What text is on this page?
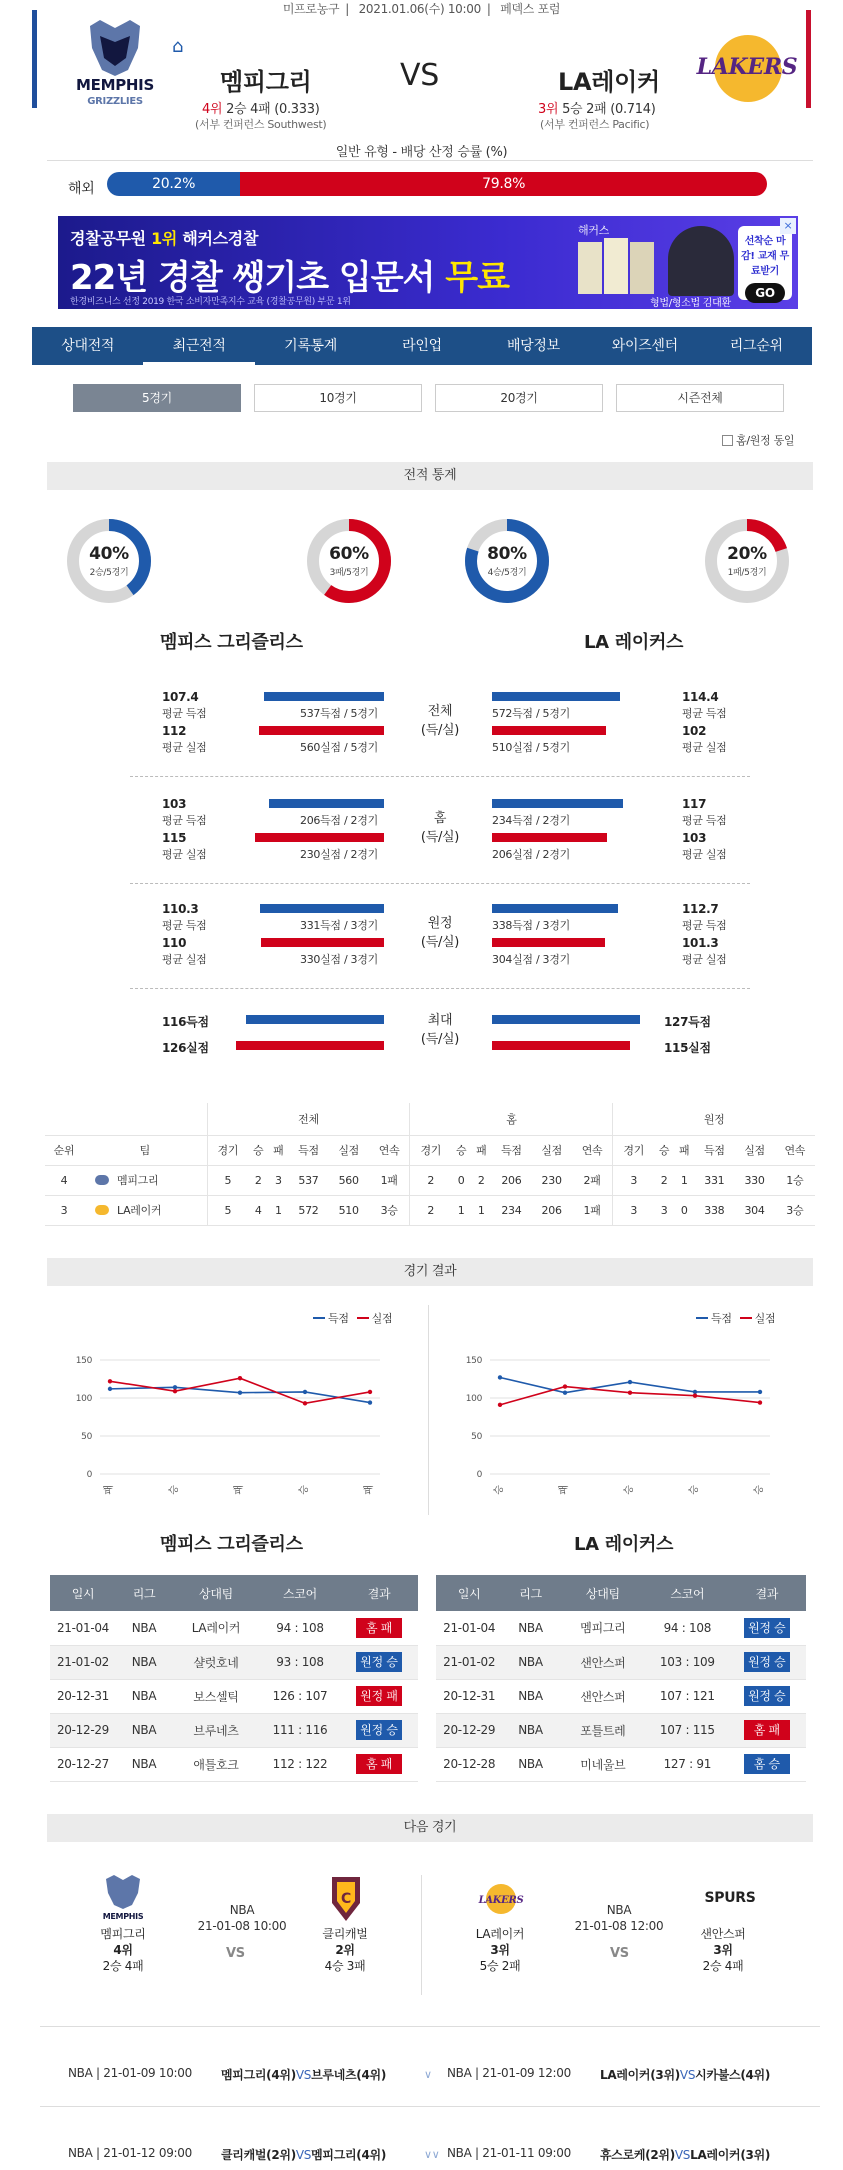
미프로농구 | 2021.01.06(수) 10:00 | 페덱스 포럼
MEMPHIS
GRIZZLIES
⌂
멤피그리	VS	LA레이커
4위 2승 4패 (0.333)
(서부 컨퍼런스 Southwest)
3위 5승 2패 (0.714)
(서부 컨퍼런스 Pacific)
LAKERS
일반 유형 - 배당 산정 승률 (%)
해외	20.2%	79.8%
경찰공무원 1위 해커스경찰
22년 경찰 쌩기초 입문서 무료
한경비즈니스 선정 2019 한국 소비자만족지수 교육 (경찰공무원) 부문 1위
해커스
형법/형소법 김대환
선착순 마감! 교재 무료받기
GO
×
상대전적	최근전적	기록통계	라인업	배당정보	와이즈센터	리그순위
5경기	10경기	20경기	시즌전체
홈/원정 동일
전적 통계
40%
2승/5경기
60%
3패/5경기
80%
4승/5경기
20%
1패/5경기
멤피스 그리즐리스	LA 레이커스
107.4
평균 득점	537득점 / 5경기
112
평균 실점	560실점 / 5경기
114.4
평균 득점
572득점 / 5경기
102
평균 실점
510실점 / 5경기
전체
(득/실)
103
평균 득점	206득점 / 2경기
115
평균 실점	230실점 / 2경기
117
평균 득점
234득점 / 2경기
103
평균 실점
206실점 / 2경기
홈
(득/실)
110.3
평균 득점	331득점 / 3경기
110
평균 실점	330실점 / 3경기
112.7
평균 득점
338득점 / 3경기
101.3
평균 실점
304실점 / 3경기
원정
(득/실)
116득점
126실점
최대
(득/실)
127득점
115실점
		전체						홈						원정					
순위	팀	경기	승	패	득점	실점	연속	경기	승	패	득점	실점	연속	경기	승	패	득점	실점	연속
4	멤피그리	5	2	3	537	560	1패	2	0	2	206	230	2패	3	2	1	331	330	1승
3	LA레이커	5	4	1	572	510	3승	2	1	1	234	206	1패	3	3	0	338	304	3승
경기 결과
득점 실점	득점 실점
150
100
50
0
패	승	패	승	패
150
100
50
0
승	패	승	승	승
멤피스 그리즐리스	LA 레이커스
일시	리그	상대팀	스코어	결과
21-01-04	NBA	LA레이커	94 : 108	홈 패
21-01-02	NBA	샬럿호네	93 : 108	원정 승
20-12-31	NBA	보스셀틱	126 : 107	원정 패
20-12-29	NBA	브루네츠	111 : 116	원정 승
20-12-27	NBA	애틀호크	112 : 122	홈 패
일시	리그	상대팀	스코어	결과
21-01-04	NBA	멤피그리	94 : 108	원정 승
21-01-02	NBA	샌안스퍼	103 : 109	원정 승
20-12-31	NBA	샌안스퍼	107 : 121	원정 승
20-12-29	NBA	포틀트레	107 : 115	홈 패
20-12-28	NBA	미네울브	127 : 91	홈 승
다음 경기
MEMPHIS
C	LAKERS	SPURS
멤피그리
4위
2승 4패
클리캐벌
2위
4승 3패
NBA
21-01-08 10:00
VS
LA레이커
3위
5승 2패
샌안스퍼
3위
2승 4패
NBA
21-01-08 12:00
VS
NBA | 21-01-09 10:00 멤피그리(4위)VS브루네츠(4위)	NBA | 21-01-09 12:00 LA레이커(3위)VS시카불스(4위)
∨
NBA | 21-01-12 09:00 클리캐벌(2위)VS멤피그리(4위)	NBA | 21-01-11 09:00 휴스로케(2위)VSLA레이커(3위)
∨∨
